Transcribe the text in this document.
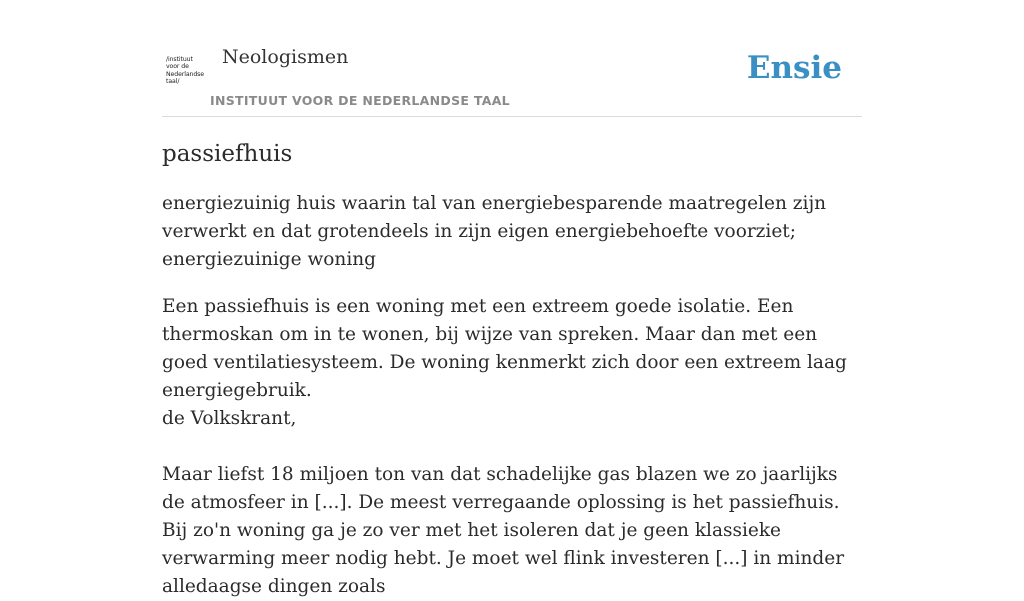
/instituut
voor de
Nederlandse
taal/
Neologismen
INSTITUUT VOOR DE NEDERLANDSE TAAL
Ensie
passiefhuis

energiezuinig huis waarin tal van energiebesparende maatregelen zijn verwerkt en dat grotendeels in zijn eigen energiebehoefte voorziet; energiezuinige woning

Een passiefhuis is een woning met een extreem goede isolatie. Een thermoskan om in te wonen, bij wijze van spreken. Maar dan met een goed ventilatiesysteem. De woning kenmerkt zich door een extreem laag energiegebruik.
de Volkskrant,
Maar liefst 18 miljoen ton van dat schadelijke gas blazen we zo jaarlijks de atmosfeer in [...]. De meest verregaande oplossing is het passiefhuis. Bij zo'n woning ga je zo ver met het isoleren dat je geen klassieke verwarming meer nodig hebt. Je moet wel flink investeren [...] in minder alledaagse dingen zoals
